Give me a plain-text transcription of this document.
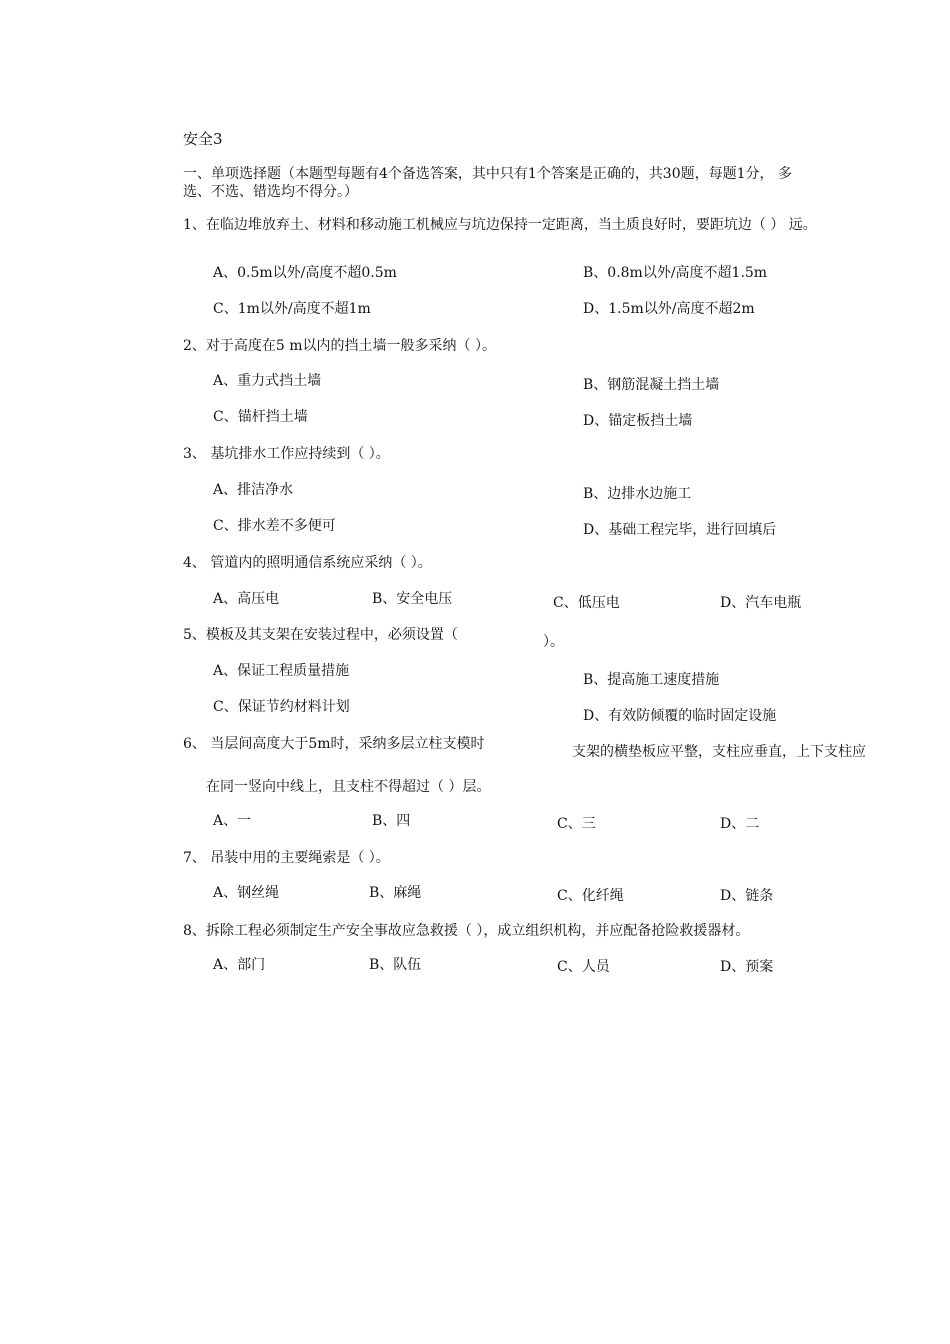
安全3
一、单项选择题（本题型每题有4个备选答案，其中只有1个答案是正确的，共30题，每题1分， 多
选、不选、错选均不得分。）
1、在临边堆放弃土、材料和移动施工机械应与坑边保持一定距离，当土质良好时，要距坑边（ ） 远。
A、0.5m以外/高度不超0.5m	B、0.8m以外/高度不超1.5m
C、1m以外/高度不超1m	D、1.5m以外/高度不超2m
2、对于高度在5 m以内的挡土墙一般多采纳（ ）。
A、重力式挡土墙	B、钢筋混凝土挡土墙
C、锚杆挡土墙	D、锚定板挡土墙
3、 基坑排水工作应持续到（ ）。
A、排洁净水	B、边排水边施工
C、排水差不多便可	D、基础工程完毕，进行回填后
4、 管道内的照明通信系统应采纳（ ）。
A、高压电	B、安全电压	C、低压电	D、汽车电瓶
5、模板及其支架在安装过程中，必须设置（	）。
A、保证工程质量措施
B、提高施工速度措施
C、保证节约材料计划
D、有效防倾覆的临时固定设施
6、 当层间高度大于5m时，采纳多层立柱支模时	支架的横垫板应平整，支柱应垂直，上下支柱应
在同一竖向中线上，且支柱不得超过（ ）层。
A、一	B、四	C、三	D、二
7、 吊装中用的主要绳索是（ ）。
A、钢丝绳	B、麻绳	C、化纤绳	D、链条
8、拆除工程必须制定生产安全事故应急救援（ ），成立组织机构，并应配备抢险救援器材。
A、部门	B、队伍	C、人员	D、预案
